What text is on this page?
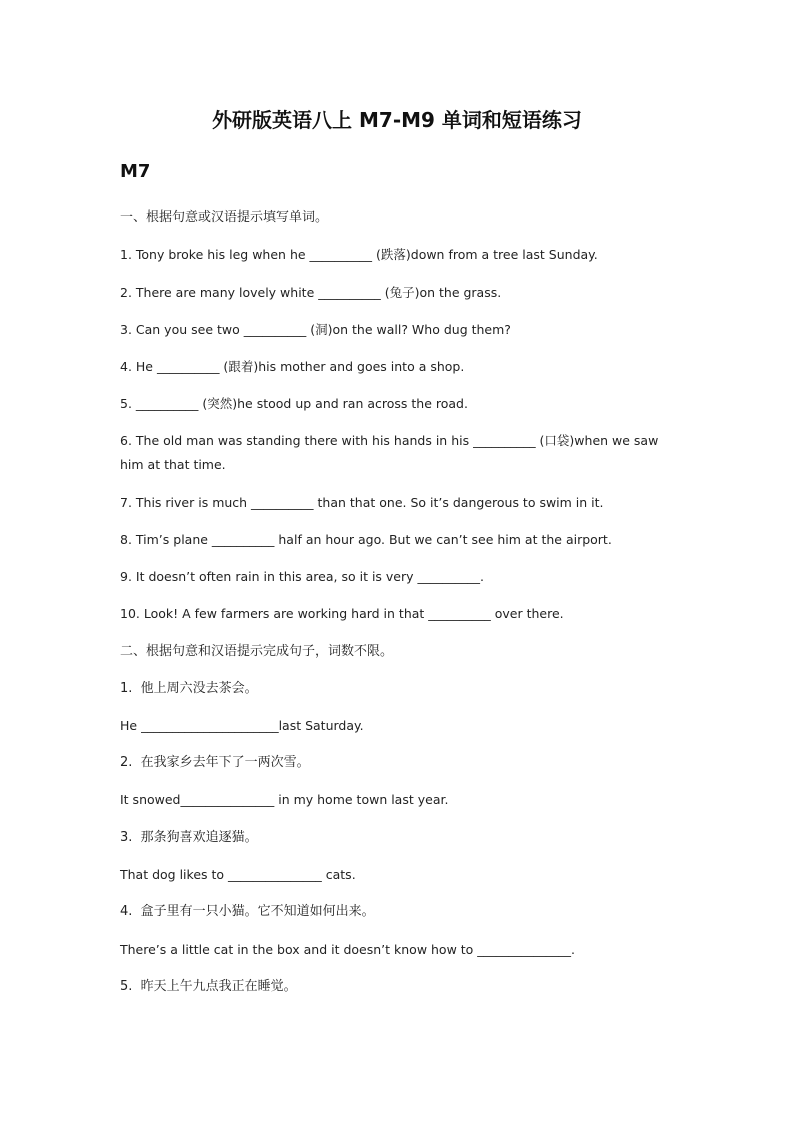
外研版英语八上 M7-M9 单词和短语练习
M7
一、根据句意或汉语提示填写单词。
1. Tony broke his leg when he __________ (跌落)down from a tree last Sunday.
2. There are many lovely white __________ (兔子)on the grass.
3. Can you see two __________ (洞)on the wall? Who dug them?
4. He __________ (跟着)his mother and goes into a shop.
5. __________ (突然)he stood up and ran across the road.
6. The old man was standing there with his hands in his __________ (口袋)when we saw him at that time.
7. This river is much __________ than that one. So it’s dangerous to swim in it.
8. Tim’s plane __________ half an hour ago. But we can’t see him at the airport.
9. It doesn’t often rain in this area, so it is very __________.
10. Look! A few farmers are working hard in that __________ over there.
二、根据句意和汉语提示完成句子，词数不限。
1.  他上周六没去茶会。
He ______________________last Saturday.
2.  在我家乡去年下了一两次雪。
It snowed_______________ in my home town last year.
3.  那条狗喜欢追逐猫。
That dog likes to _______________ cats.
4.  盒子里有一只小猫。它不知道如何出来。
There’s a little cat in the box and it doesn’t know how to _______________.
5.  昨天上午九点我正在睡觉。
